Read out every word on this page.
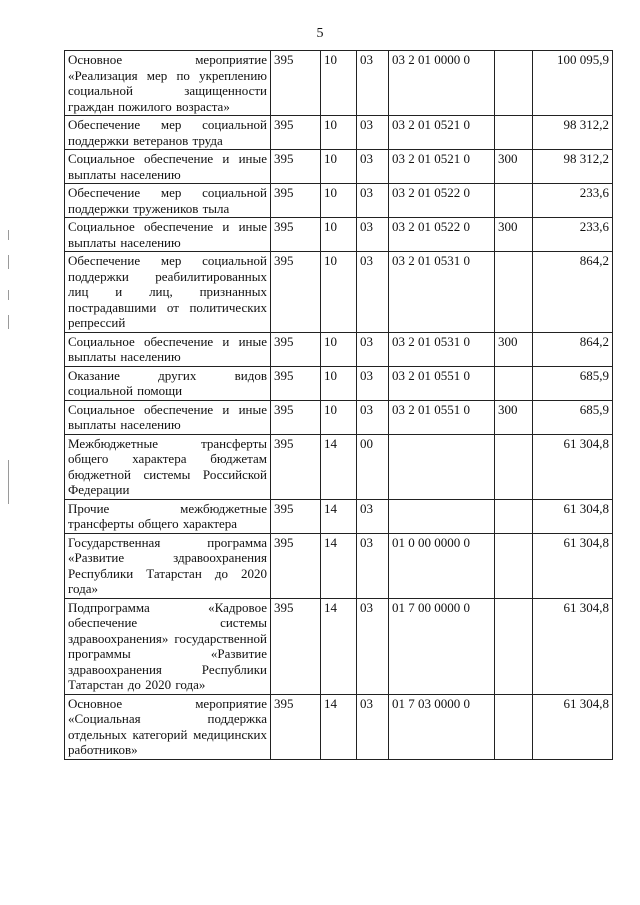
5
Основное мероприятие «Реализация мер по укреплению социальной защищенности граждан пожилого возраста»	395	10	03	03 2 01 0000 0		100 095,9
Обеспечение мер социальной поддержки ветеранов труда	395	10	03	03 2 01 0521 0		98 312,2
Социальное обеспечение и иные выплаты населению	395	10	03	03 2 01 0521 0	300	98 312,2
Обеспечение мер социальной поддержки тружеников тыла	395	10	03	03 2 01 0522 0		233,6
Социальное обеспечение и иные выплаты населению	395	10	03	03 2 01 0522 0	300	233,6
Обеспечение мер социальной поддержки реабилитированных лиц и лиц, признанных пострадавшими от политических репрессий	395	10	03	03 2 01 0531 0		864,2
Социальное обеспечение и иные выплаты населению	395	10	03	03 2 01 0531 0	300	864,2
Оказание других видов социальной помощи	395	10	03	03 2 01 0551 0		685,9
Социальное обеспечение и иные выплаты населению	395	10	03	03 2 01 0551 0	300	685,9
Межбюджетные трансферты общего характера бюджетам бюджетной системы Российской Федерации	395	14	00			61 304,8
Прочие межбюджетные трансферты общего характера	395	14	03			61 304,8
Государственная программа «Развитие здравоохранения Республики Татарстан до 2020 года»	395	14	03	01 0 00 0000 0		61 304,8
Подпрограмма «Кадровое обеспечение системы здравоохранения» государственной программы «Развитие здравоохранения Республики Татарстан до 2020 года»	395	14	03	01 7 00 0000 0		61 304,8
Основное мероприятие «Социальная поддержка отдельных категорий медицинских работников»	395	14	03	01 7 03 0000 0		61 304,8
